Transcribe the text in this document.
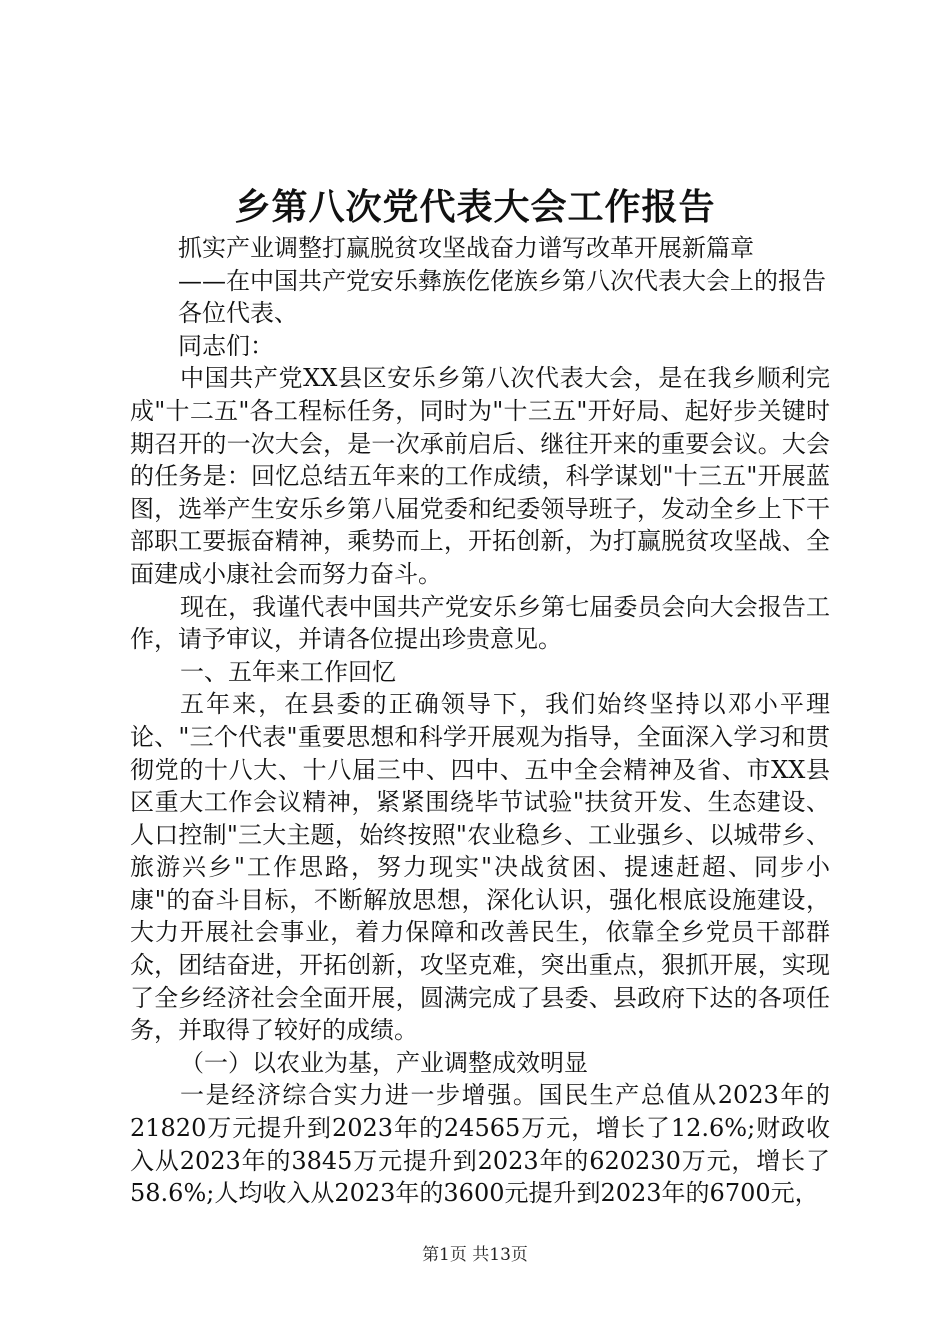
乡第八次党代表大会工作报告

抓实产业调整打赢脱贫攻坚战奋力谱写改革开展新篇章

——在中国共产党安乐彝族仡佬族乡第八次代表大会上的报告

各位代表、

同志们：

中国共产党XX县区安乐乡第八次代表大会，是在我乡顺利完成"十二五"各工程标任务，同时为"十三五"开好局、起好步关键时期召开的一次大会，是一次承前启后、继往开来的重要会议。大会的任务是：回忆总结五年来的工作成绩，科学谋划"十三五"开展蓝图，选举产生安乐乡第八届党委和纪委领导班子，发动全乡上下干部职工要振奋精神，乘势而上，开拓创新，为打赢脱贫攻坚战、全面建成小康社会而努力奋斗。

现在，我谨代表中国共产党安乐乡第七届委员会向大会报告工作，请予审议，并请各位提出珍贵意见。

一、五年来工作回忆

五年来，在县委的正确领导下，我们始终坚持以邓小平理论、"三个代表"重要思想和科学开展观为指导，全面深入学习和贯彻党的十八大、十八届三中、四中、五中全会精神及省、市XX县区重大工作会议精神，紧紧围绕毕节试验"扶贫开发、生态建设、人口控制"三大主题，始终按照"农业稳乡、工业强乡、以城带乡、旅游兴乡"工作思路，努力现实"决战贫困、提速赶超、同步小康"的奋斗目标，不断解放思想，深化认识，强化根底设施建设，大力开展社会事业，着力保障和改善民生，依靠全乡党员干部群众，团结奋进，开拓创新，攻坚克难，突出重点，狠抓开展，实现了全乡经济社会全面开展，圆满完成了县委、县政府下达的各项任务，并取得了较好的成绩。

（一）以农业为基，产业调整成效明显

一是经济综合实力进一步增强。国民生产总值从2023年的21820万元提升到2023年的24565万元，增长了12.6%;财政收入从2023年的3845万元提升到2023年的620230万元，增长了58.6%;人均收入从2023年的3600元提升到2023年的6700元，

第1页 共13页
